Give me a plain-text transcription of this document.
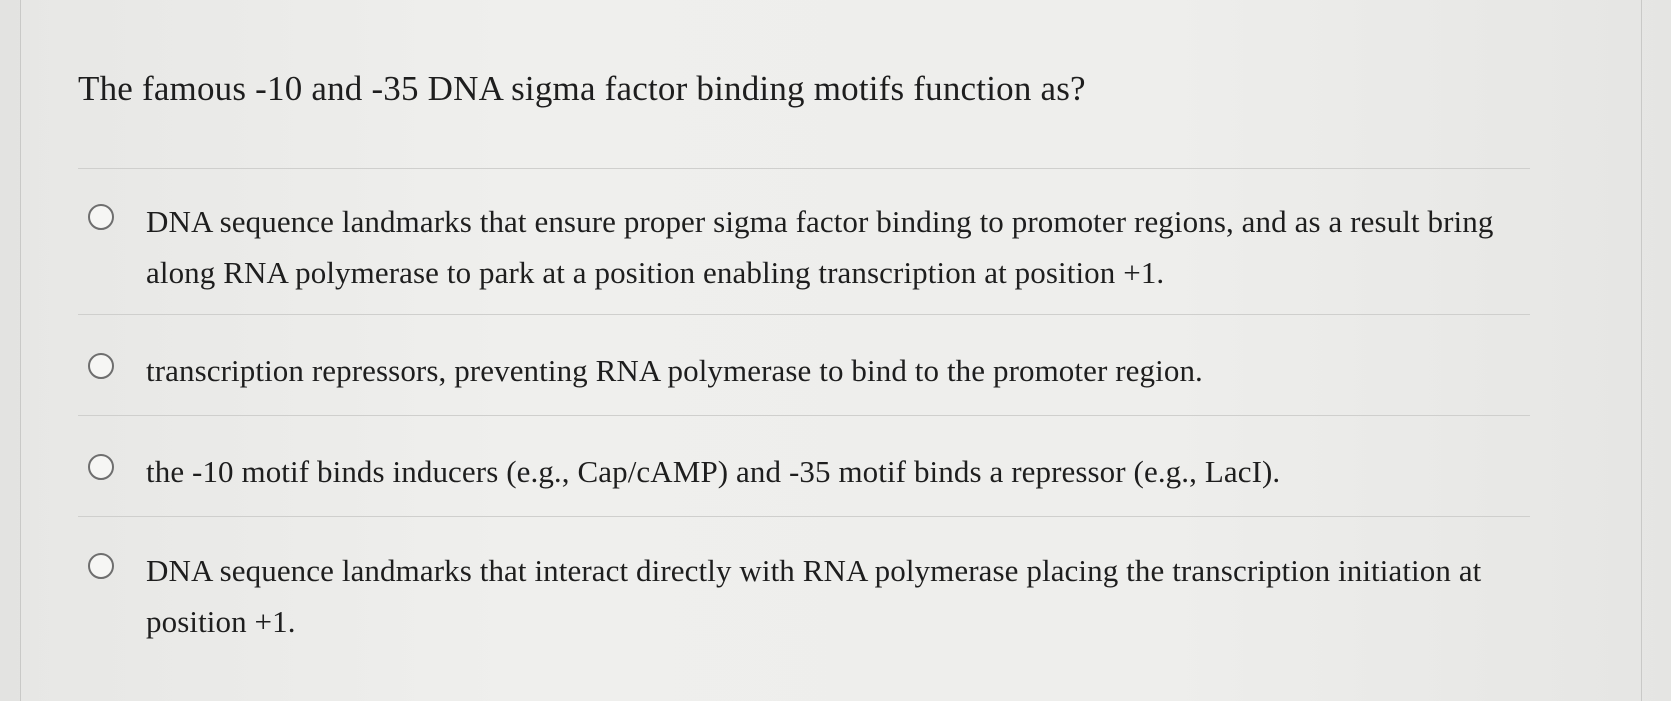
The famous -10 and -35 DNA sigma factor binding motifs function as?
DNA sequence landmarks that ensure proper sigma factor binding to promoter regions, and as a result bring along RNA polymerase to park at a position enabling transcription at position +1.
transcription repressors, preventing RNA polymerase to bind to the promoter region.
the -10 motif binds inducers (e.g., Cap/cAMP) and -35 motif binds a repressor (e.g., LacI).
DNA sequence landmarks that interact directly with RNA polymerase placing the transcription initiation at position +1.
